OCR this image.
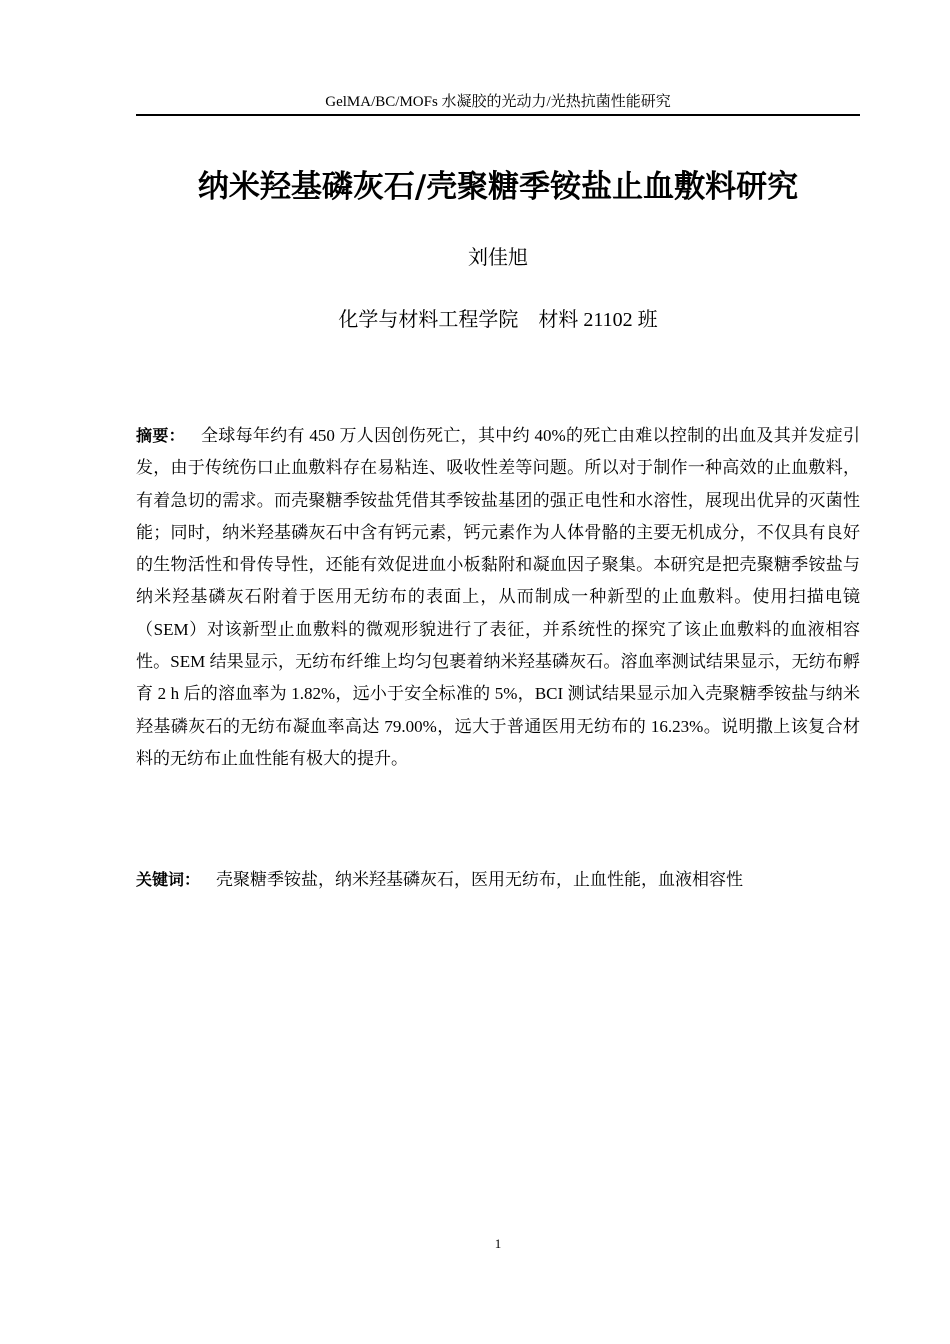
GelMA/BC/MOFs 水凝胶的光动力/光热抗菌性能研究
纳米羟基磷灰石/壳聚糖季铵盐止血敷料研究
刘佳旭
化学与材料工程学院 材料 21102 班

摘要： 全球每年约有 450 万人因创伤死亡，其中约 40%的死亡由难以控制的出血及其并发症引发，由于传统伤口止血敷料存在易粘连、吸收性差等问题。所以对于制作一种高效的止血敷料，有着急切的需求。而壳聚糖季铵盐凭借其季铵盐基团的强正电性和水溶性，展现出优异的灭菌性能；同时，纳米羟基磷灰石中含有钙元素，钙元素作为人体骨骼的主要无机成分，不仅具有良好的生物活性和骨传导性，还能有效促进血小板黏附和凝血因子聚集。本研究是把壳聚糖季铵盐与纳米羟基磷灰石附着于医用无纺布的表面上，从而制成一种新型的止血敷料。使用扫描电镜（SEM）对该新型止血敷料的微观形貌进行了表征，并系统性的探究了该止血敷料的血液相容性。SEM 结果显示，无纺布纤维上均匀包裹着纳米羟基磷灰石。溶血率测试结果显示，无纺布孵育 2 h 后的溶血率为 1.82%，远小于安全标准的 5%，BCI 测试结果显示加入壳聚糖季铵盐与纳米羟基磷灰石的无纺布凝血率高达 79.00%，远大于普通医用无纺布的 16.23%。说明撒上该复合材料的无纺布止血性能有极大的提升。

关键词： 壳聚糖季铵盐，纳米羟基磷灰石，医用无纺布，止血性能，血液相容性

1
